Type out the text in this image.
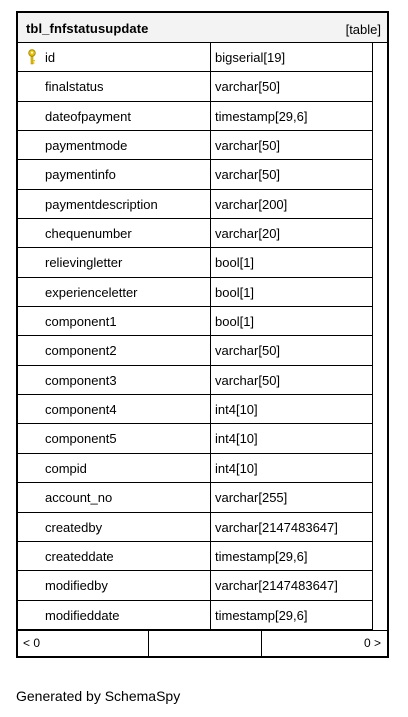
tbl_fnfstatusupdate	[table]
id	bigserial[19]
finalstatus	varchar[50]
dateofpayment	timestamp[29,6]
paymentmode	varchar[50]
paymentinfo	varchar[50]
paymentdescription	varchar[200]
chequenumber	varchar[20]
relievingletter	bool[1]
experienceletter	bool[1]
component1	bool[1]
component2	varchar[50]
component3	varchar[50]
component4	int4[10]
component5	int4[10]
compid	int4[10]
account_no	varchar[255]
createdby	varchar[2147483647]
createddate	timestamp[29,6]
modifiedby	varchar[2147483647]
modifieddate	timestamp[29,6]
< 0	0 >
Generated by SchemaSpy
